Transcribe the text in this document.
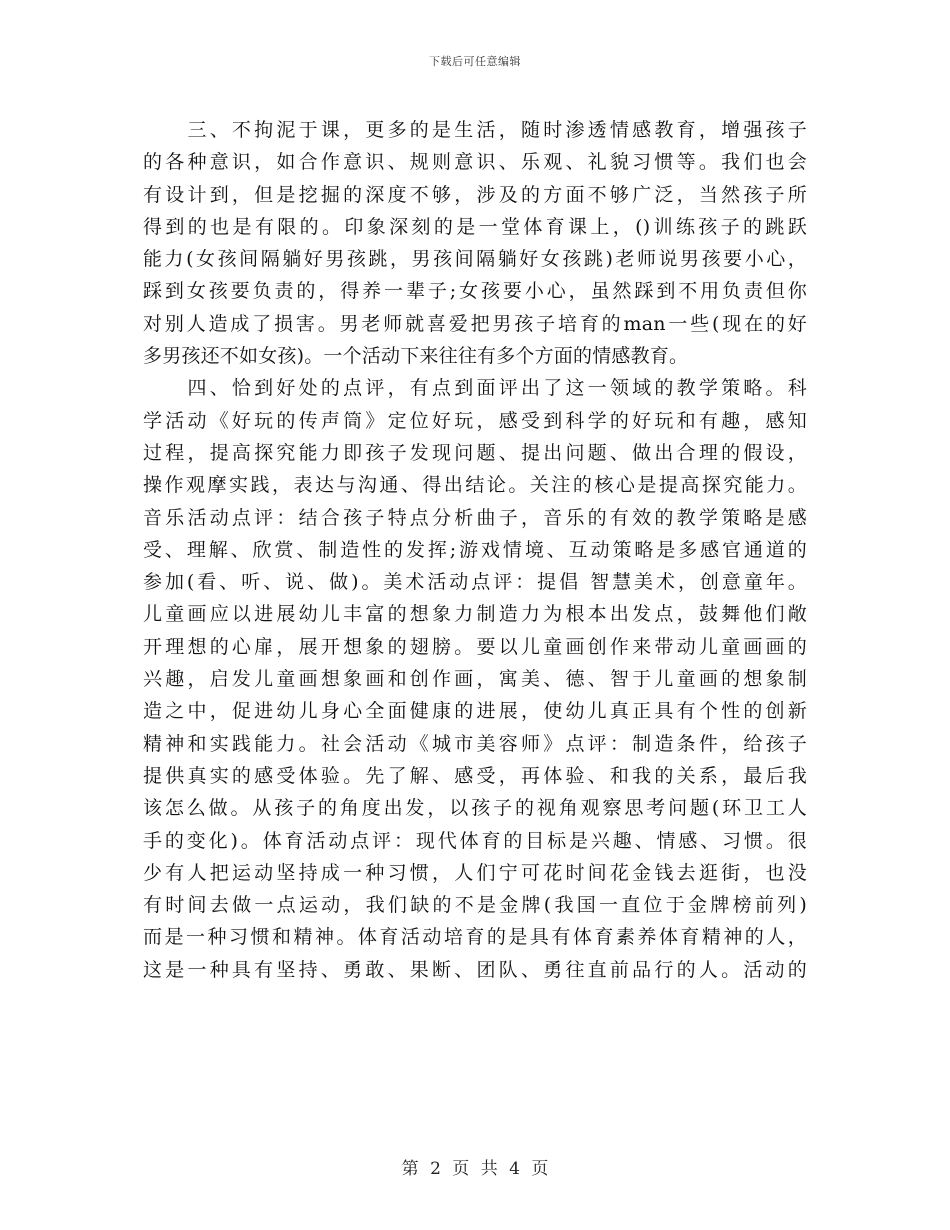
下载后可任意编辑
　　三、不拘泥于课，更多的是生活，随时渗透情感教育，增强孩子
的各种意识，如合作意识、规则意识、乐观、礼貌习惯等。我们也会
有设计到，但是挖掘的深度不够，涉及的方面不够广泛，当然孩子所
得到的也是有限的。印象深刻的是一堂体育课上，()训练孩子的跳跃
能力(女孩间隔躺好男孩跳，男孩间隔躺好女孩跳)老师说男孩要小心，
踩到女孩要负责的，得养一辈子;女孩要小心，虽然踩到不用负责但你
对别人造成了损害。男老师就喜爱把男孩子培育的man一些(现在的好
多男孩还不如女孩)。一个活动下来往往有多个方面的情感教育。
　　四、恰到好处的点评，有点到面评出了这一领域的教学策略。科
学活动《好玩的传声筒》定位好玩，感受到科学的好玩和有趣，感知
过程，提高探究能力即孩子发现问题、提出问题、做出合理的假设，
操作观摩实践，表达与沟通、得出结论。关注的核心是提高探究能力。
音乐活动点评：结合孩子特点分析曲子，音乐的有效的教学策略是感
受、理解、欣赏、制造性的发挥;游戏情境、互动策略是多感官通道的
参加(看、听、说、做)。美术活动点评：提倡 智慧美术，创意童年。
儿童画应以进展幼儿丰富的想象力制造力为根本出发点，鼓舞他们敞
开理想的心扉，展开想象的翅膀。要以儿童画创作来带动儿童画画的
兴趣，启发儿童画想象画和创作画，寓美、德、智于儿童画的想象制
造之中，促进幼儿身心全面健康的进展，使幼儿真正具有个性的创新
精神和实践能力。社会活动《城市美容师》点评：制造条件，给孩子
提供真实的感受体验。先了解、感受，再体验、和我的关系，最后我
该怎么做。从孩子的角度出发，以孩子的视角观察思考问题(环卫工人
手的变化)。体育活动点评：现代体育的目标是兴趣、情感、习惯。很
少有人把运动坚持成一种习惯，人们宁可花时间花金钱去逛街，也没
有时间去做一点运动，我们缺的不是金牌(我国一直位于金牌榜前列)
而是一种习惯和精神。体育活动培育的是具有体育素养体育精神的人，
这是一种具有坚持、勇敢、果断、团队、勇往直前品行的人。活动的
第 2 页 共 4 页
